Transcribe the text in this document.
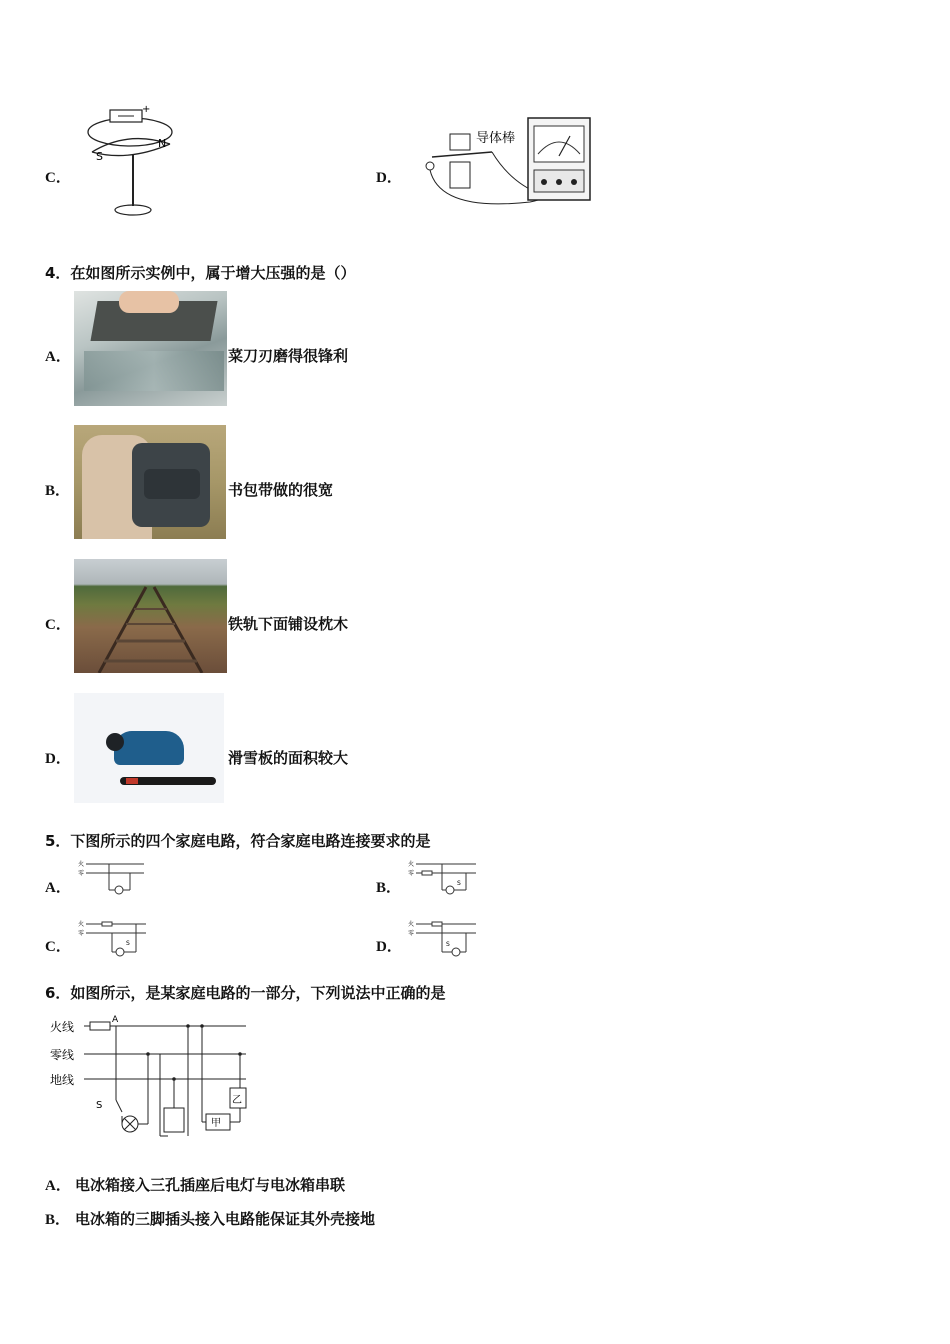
C．
+
S
N
D．
导体棒
4．在如图所示实例中，属于增大压强的是（）
A．	菜刀刃磨得很锋利
B．	书包带做的很宽
C．	铁轨下面铺设枕木
D．	滑雪板的面积较大
5．下图所示的四个家庭电路，符合家庭电路连接要求的是
A．
火
零
B．
火
零
S
C．
火
零
S	D．
火
零
S
6．如图所示，是某家庭电路的一部分，下列说法中正确的是
火线
零线
地线
A
S
甲
乙
A． 电冰箱接入三孔插座后电灯与电冰箱串联
B． 电冰箱的三脚插头接入电路能保证其外壳接地
